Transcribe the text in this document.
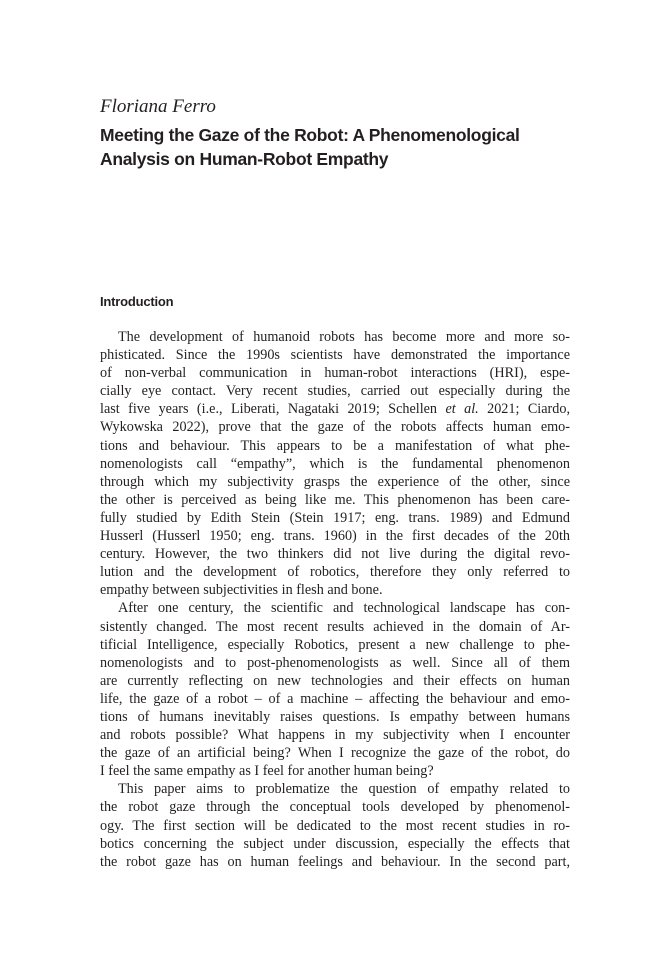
Floriana Ferro

Meeting the Gaze of the Robot: A Phenomenological
Analysis on Human-Robot Empathy
Introduction
The development of humanoid robots has become more and more so-
phisticated. Since the 1990s scientists have demonstrated the importance
of non-verbal communication in human-robot interactions (HRI), espe-
cially eye contact. Very recent studies, carried out especially during the
last five years (i.e., Liberati, Nagataki 2019; Schellen et al. 2021; Ciardo,
Wykowska 2022), prove that the gaze of the robots affects human emo-
tions and behaviour. This appears to be a manifestation of what phe-
nomenologists call “empathy”, which is the fundamental phenomenon
through which my subjectivity grasps the experience of the other, since
the other is perceived as being like me. This phenomenon has been care-
fully studied by Edith Stein (Stein 1917; eng. trans. 1989) and Edmund
Husserl (Husserl 1950; eng. trans. 1960) in the first decades of the 20th
century. However, the two thinkers did not live during the digital revo-
lution and the development of robotics, therefore they only referred to
empathy between subjectivities in flesh and bone.
After one century, the scientific and technological landscape has con-
sistently changed. The most recent results achieved in the domain of Ar-
tificial Intelligence, especially Robotics, present a new challenge to phe-
nomenologists and to post-phenomenologists as well. Since all of them
are currently reflecting on new technologies and their effects on human
life, the gaze of a robot – of a machine – affecting the behaviour and emo-
tions of humans inevitably raises questions. Is empathy between humans
and robots possible? What happens in my subjectivity when I encounter
the gaze of an artificial being? When I recognize the gaze of the robot, do
I feel the same empathy as I feel for another human being?
This paper aims to problematize the question of empathy related to
the robot gaze through the conceptual tools developed by phenomenol-
ogy. The first section will be dedicated to the most recent studies in ro-
botics concerning the subject under discussion, especially the effects that
the robot gaze has on human feelings and behaviour. In the second part,
